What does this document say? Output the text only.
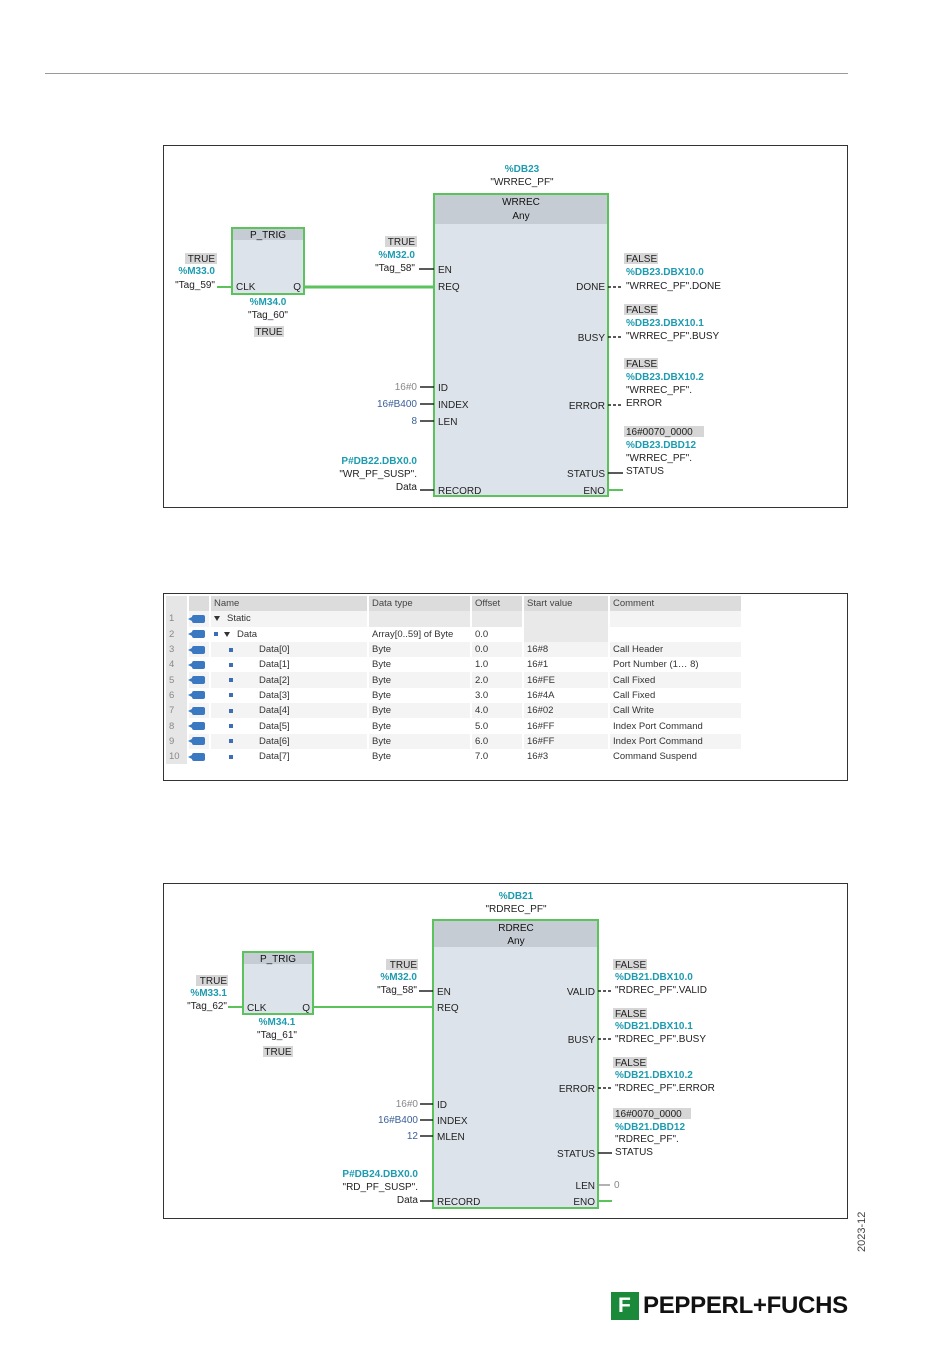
%DB23
"WRREC_PF"
P_TRIG
CLK	Q
TRUE
%M33.0
"Tag_59"
%M34.0
"Tag_60"
TRUE
WRREC
Any
TRUE
%M32.0
"Tag_58" EN
REQ
16#0 ID
16#B400 INDEX
8 LEN
P#DB22.DBX0.0
"WR_PF_SUSP".
Data RECORD
DONE
FALSE
%DB23.DBX10.0
"WRREC_PF".DONE
BUSY
FALSE
%DB23.DBX10.1
"WRREC_PF".BUSY
ERROR
FALSE
%DB23.DBX10.2
"WRREC_PF".
ERROR
STATUS
16#0070_0000
%DB23.DBD12
"WRREC_PF".
STATUS
ENO
		Name	Data type	Offset	Start value	Comment
1		Static				
2		Data	Array[0..59] of Byte	0.0		
3		Data[0]	Byte	0.0	16#8	Call Header
4		Data[1]	Byte	1.0	16#1	Port Number (1… 8)
5		Data[2]	Byte	2.0	16#FE	Call Fixed
6		Data[3]	Byte	3.0	16#4A	Call Fixed
7		Data[4]	Byte	4.0	16#02	Call Write
8		Data[5]	Byte	5.0	16#FF	Index Port Command
9		Data[6]	Byte	6.0	16#FF	Index Port Command
10		Data[7]	Byte	7.0	16#3	Command Suspend
%DB21
"RDREC_PF"
P_TRIG
CLK	Q
TRUE
%M33.1
"Tag_62"
%M34.1
"Tag_61"
TRUE
RDREC
Any
TRUE
%M32.0
"Tag_58" EN
REQ
16#0 ID
16#B400 INDEX
12 MLEN
P#DB24.DBX0.0
"RD_PF_SUSP".
Data RECORD
VALID
FALSE
%DB21.DBX10.0
"RDREC_PF".VALID
BUSY
FALSE
%DB21.DBX10.1
"RDREC_PF".BUSY
ERROR
FALSE
%DB21.DBX10.2
"RDREC_PF".ERROR
STATUS
16#0070_0000
%DB21.DBD12
"RDREC_PF".
STATUS
LEN 0
ENO
2023-12
F
PEPPERL+FUCHS
